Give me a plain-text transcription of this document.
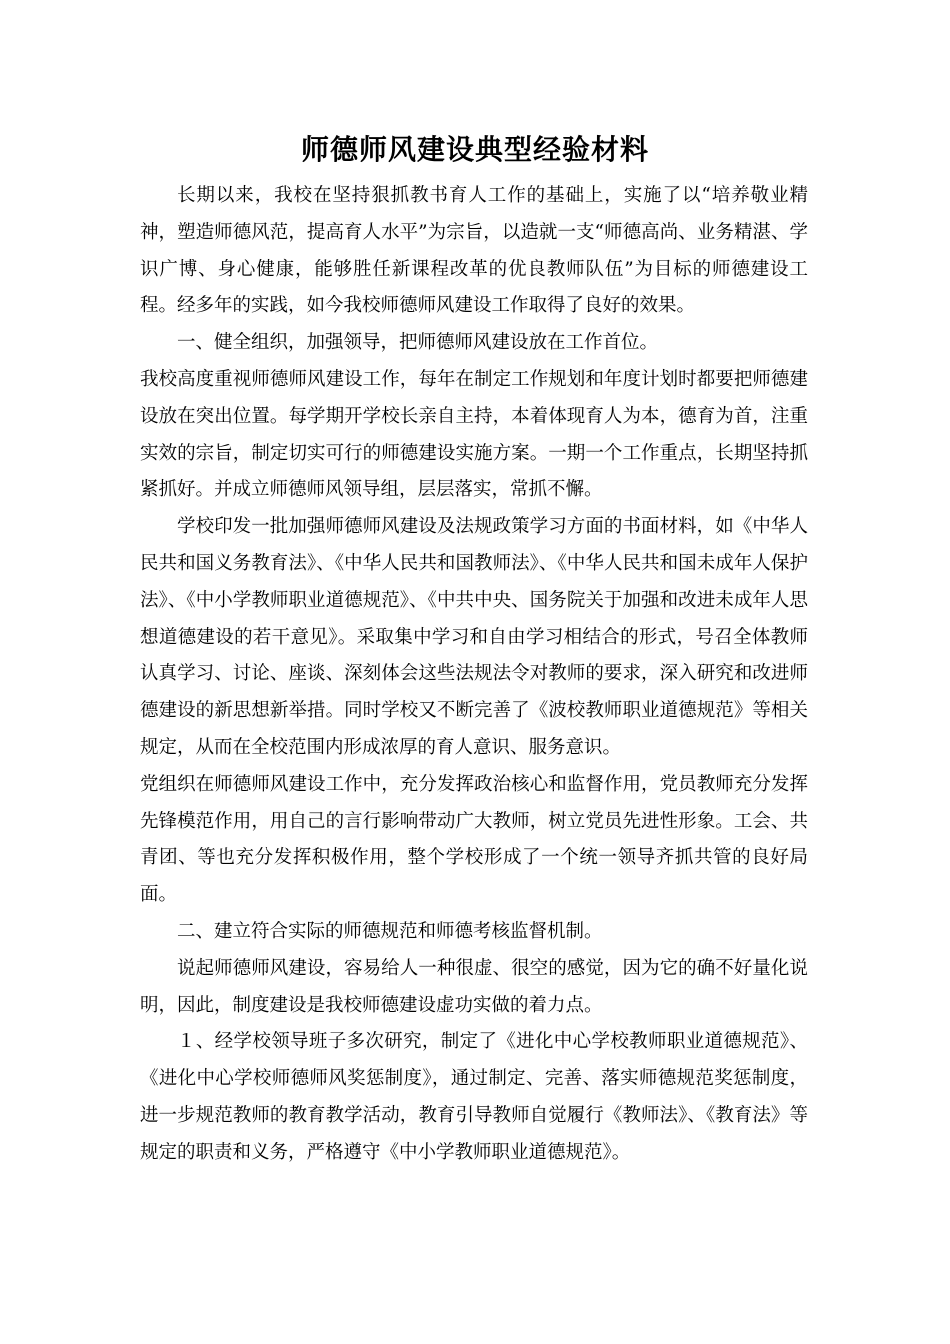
师德师风建设典型经验材料

长期以来，我校在坚持狠抓教书育人工作的基础上，实施了以“培养敬业精神，塑造师德风范，提高育人水平”为宗旨，以造就一支“师德高尚、业务精湛、学识广博、身心健康，能够胜任新课程改革的优良教师队伍”为目标的师德建设工程。经多年的实践，如今我校师德师风建设工作取得了良好的效果。

一、健全组织，加强领导，把师德师风建设放在工作首位。

我校高度重视师德师风建设工作，每年在制定工作规划和年度计划时都要把师德建设放在突出位置。每学期开学校长亲自主持，本着体现育人为本，德育为首，注重实效的宗旨，制定切实可行的师德建设实施方案。一期一个工作重点，长期坚持抓紧抓好。并成立师德师风领导组，层层落实，常抓不懈。

学校印发一批加强师德师风建设及法规政策学习方面的书面材料，如《中华人民共和国义务教育法》、《中华人民共和国教师法》、《中华人民共和国未成年人保护法》、《中小学教师职业道德规范》、《中共中央、国务院关于加强和改进未成年人思想道德建设的若干意见》。采取集中学习和自由学习相结合的形式，号召全体教师认真学习、讨论、座谈、深刻体会这些法规法令对教师的要求，深入研究和改进师德建设的新思想新举措。同时学校又不断完善了《波校教师职业道德规范》等相关规定，从而在全校范围内形成浓厚的育人意识、服务意识。

党组织在师德师风建设工作中，充分发挥政治核心和监督作用，党员教师充分发挥先锋模范作用，用自己的言行影响带动广大教师，树立党员先进性形象。工会、共青团、等也充分发挥积极作用，整个学校形成了一个统一领导齐抓共管的良好局面。

二、建立符合实际的师德规范和师德考核监督机制。

说起师德师风建设，容易给人一种很虚、很空的感觉，因为它的确不好量化说明，因此，制度建设是我校师德建设虚功实做的着力点。

１、经学校领导班子多次研究，制定了《进化中心学校教师职业道德规范》、《进化中心学校师德师风奖惩制度》，通过制定、完善、落实师德规范奖惩制度，进一步规范教师的教育教学活动，教育引导教师自觉履行《教师法》、《教育法》等规定的职责和义务，严格遵守《中小学教师职业道德规范》。
